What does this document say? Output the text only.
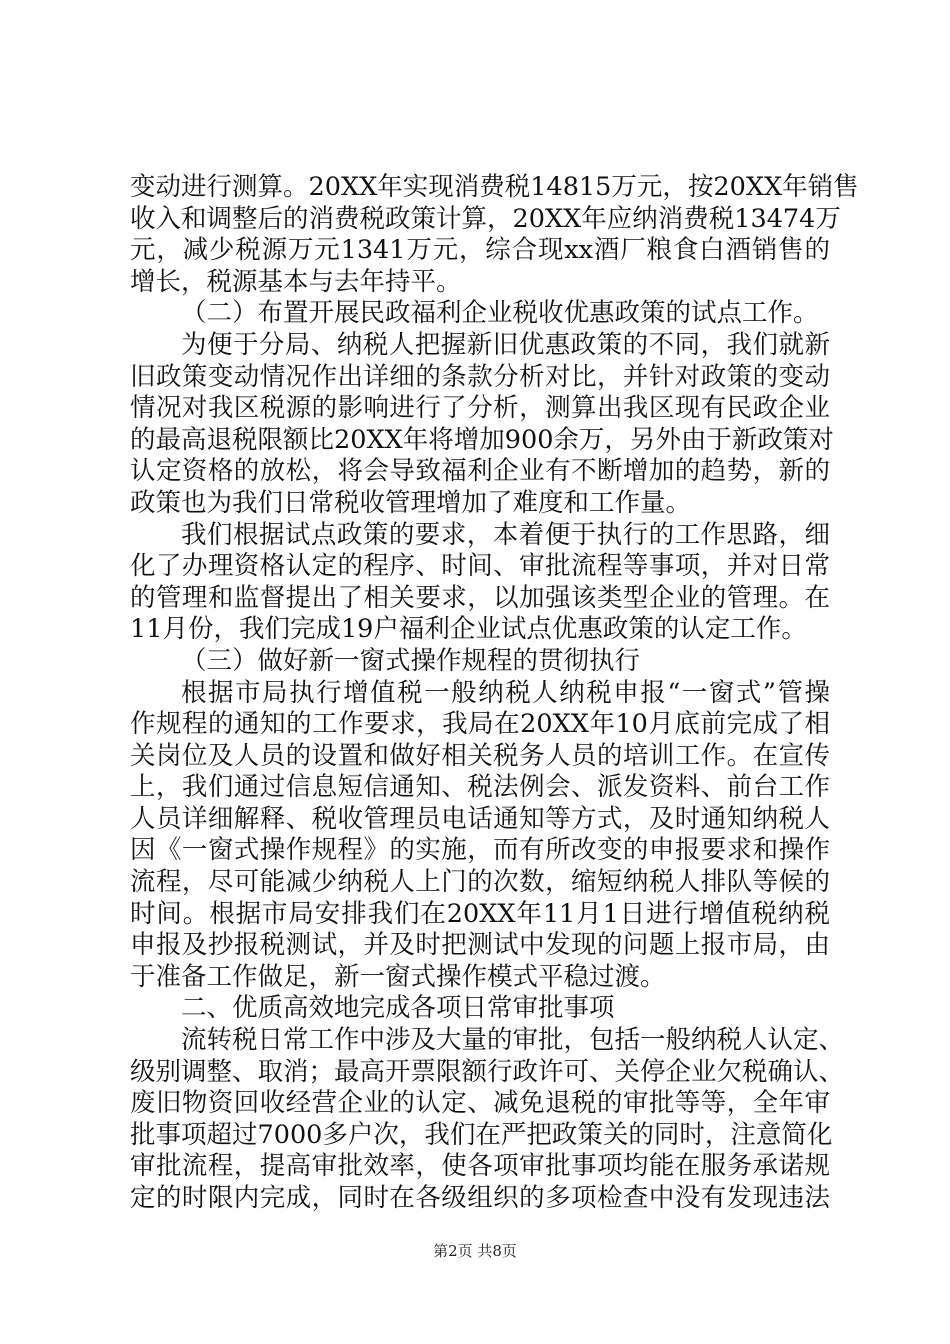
变动进行测算。20XX年实现消费税14815万元，按20XX年销售
收入和调整后的消费税政策计算，20XX年应纳消费税13474万
元，减少税源万元1341万元，综合现xx酒厂粮食白酒销售的
增长，税源基本与去年持平。
（二）布置开展民政福利企业税收优惠政策的试点工作。
为便于分局、纳税人把握新旧优惠政策的不同，我们就新
旧政策变动情况作出详细的条款分析对比，并针对政策的变动
情况对我区税源的影响进行了分析，测算出我区现有民政企业
的最高退税限额比20XX年将增加900余万，另外由于新政策对
认定资格的放松，将会导致福利企业有不断增加的趋势，新的
政策也为我们日常税收管理增加了难度和工作量。
我们根据试点政策的要求，本着便于执行的工作思路，细
化了办理资格认定的程序、时间、审批流程等事项，并对日常
的管理和监督提出了相关要求，以加强该类型企业的管理。在
11月份，我们完成19户福利企业试点优惠政策的认定工作。
（三）做好新一窗式操作规程的贯彻执行
根据市局执行增值税一般纳税人纳税申报“一窗式”管操
作规程的通知的工作要求，我局在20XX年10月底前完成了相
关岗位及人员的设置和做好相关税务人员的培训工作。在宣传
上，我们通过信息短信通知、税法例会、派发资料、前台工作
人员详细解释、税收管理员电话通知等方式，及时通知纳税人
因《一窗式操作规程》的实施，而有所改变的申报要求和操作
流程，尽可能减少纳税人上门的次数，缩短纳税人排队等候的
时间。根据市局安排我们在20XX年11月1日进行增值税纳税
申报及抄报税测试，并及时把测试中发现的问题上报市局，由
于准备工作做足，新一窗式操作模式平稳过渡。
二、优质高效地完成各项日常审批事项
流转税日常工作中涉及大量的审批，包括一般纳税人认定、
级别调整、取消；最高开票限额行政许可、关停企业欠税确认、
废旧物资回收经营企业的认定、减免退税的审批等等，全年审
批事项超过7000多户次，我们在严把政策关的同时，注意简化
审批流程，提高审批效率，使各项审批事项均能在服务承诺规
定的时限内完成，同时在各级组织的多项检查中没有发现违法
第2页 共8页
